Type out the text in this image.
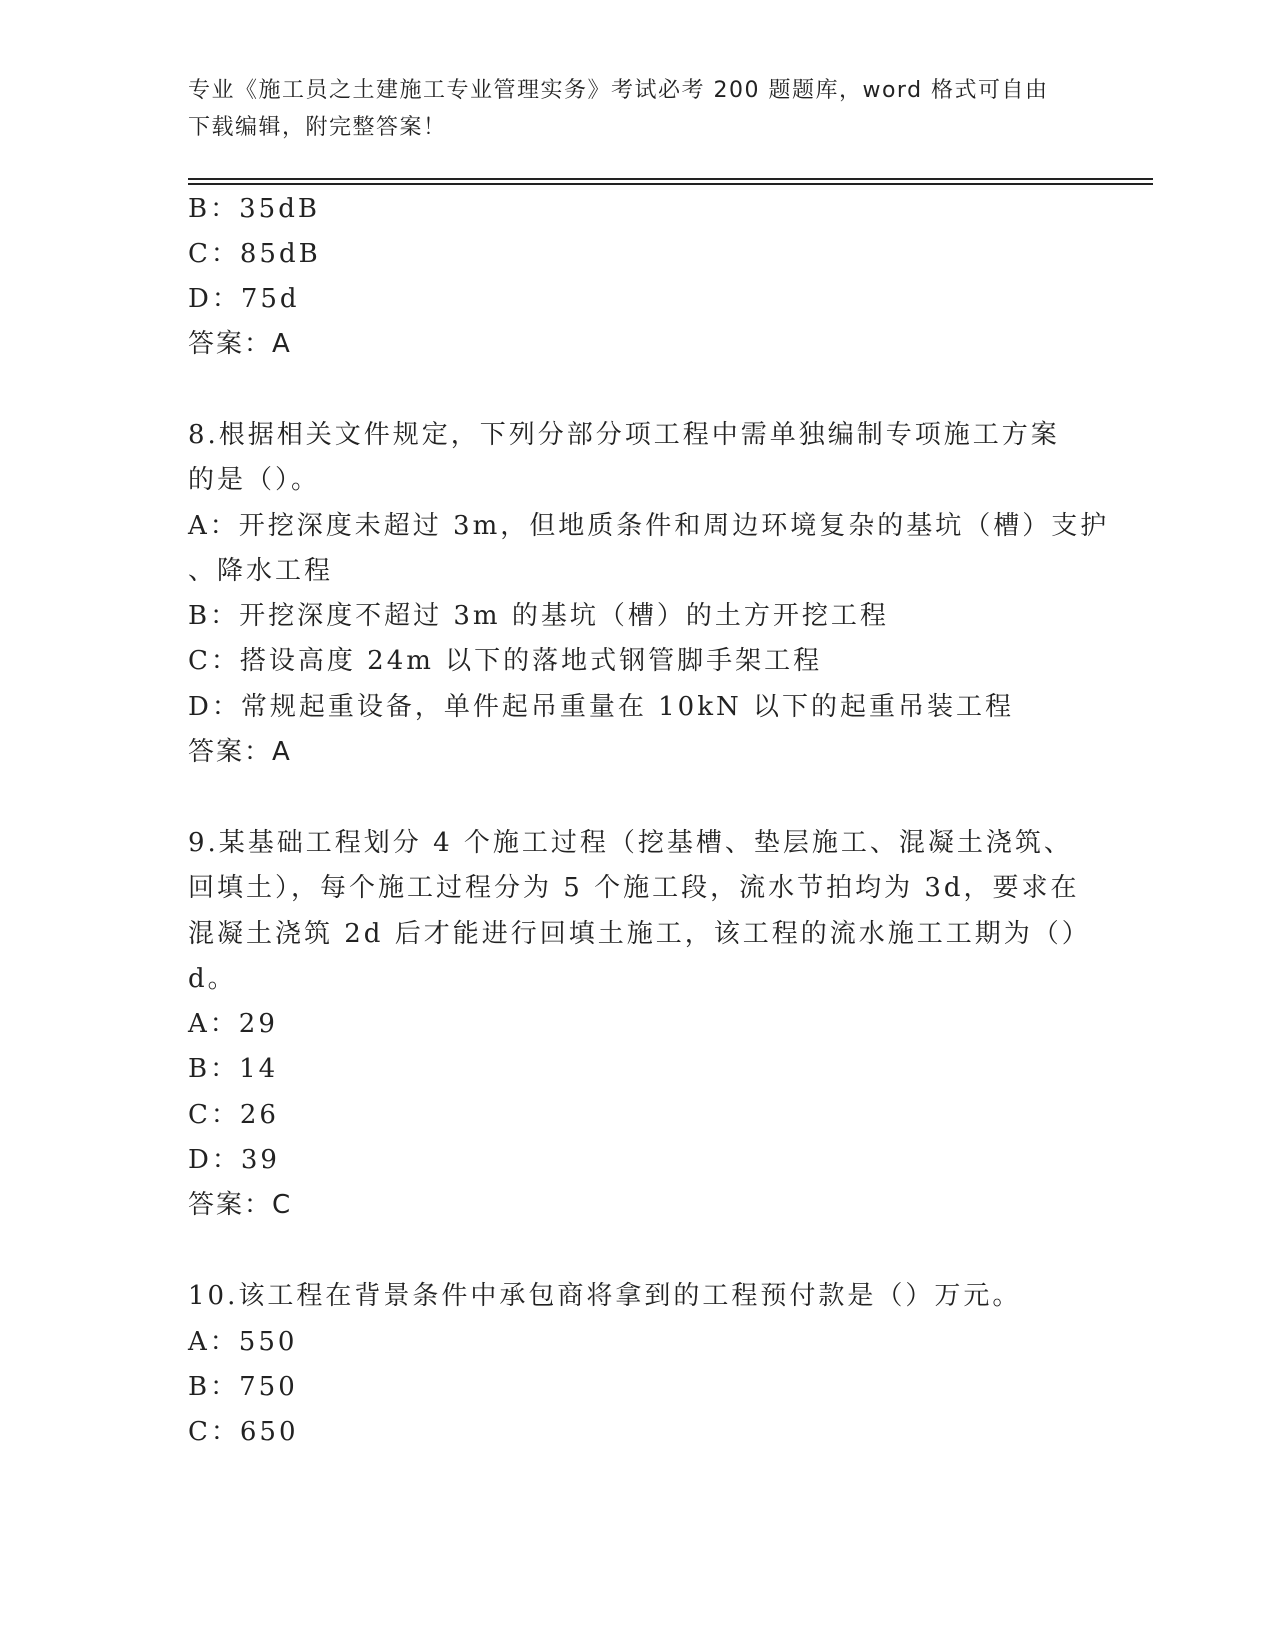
专业《施工员之土建施工专业管理实务》考试必考 200 题题库，word 格式可自由
下载编辑，附完整答案！
B：35dB
C：85dB
D：75d
答案：A
8.根据相关文件规定，下列分部分项工程中需单独编制专项施工方案
的是（）。
A：开挖深度未超过 3m，但地质条件和周边环境复杂的基坑（槽）支护
、降水工程
B：开挖深度不超过 3m 的基坑（槽）的土方开挖工程
C：搭设高度 24m 以下的落地式钢管脚手架工程
D：常规起重设备，单件起吊重量在 10kN 以下的起重吊装工程
答案：A
9.某基础工程划分 4 个施工过程（挖基槽、垫层施工、混凝土浇筑、
回填土），每个施工过程分为 5 个施工段，流水节拍均为 3d，要求在
混凝土浇筑 2d 后才能进行回填土施工，该工程的流水施工工期为（）
d。
A：29
B：14
C：26
D：39
答案：C
10.该工程在背景条件中承包商将拿到的工程预付款是（）万元。
A：550
B：750
C：650
